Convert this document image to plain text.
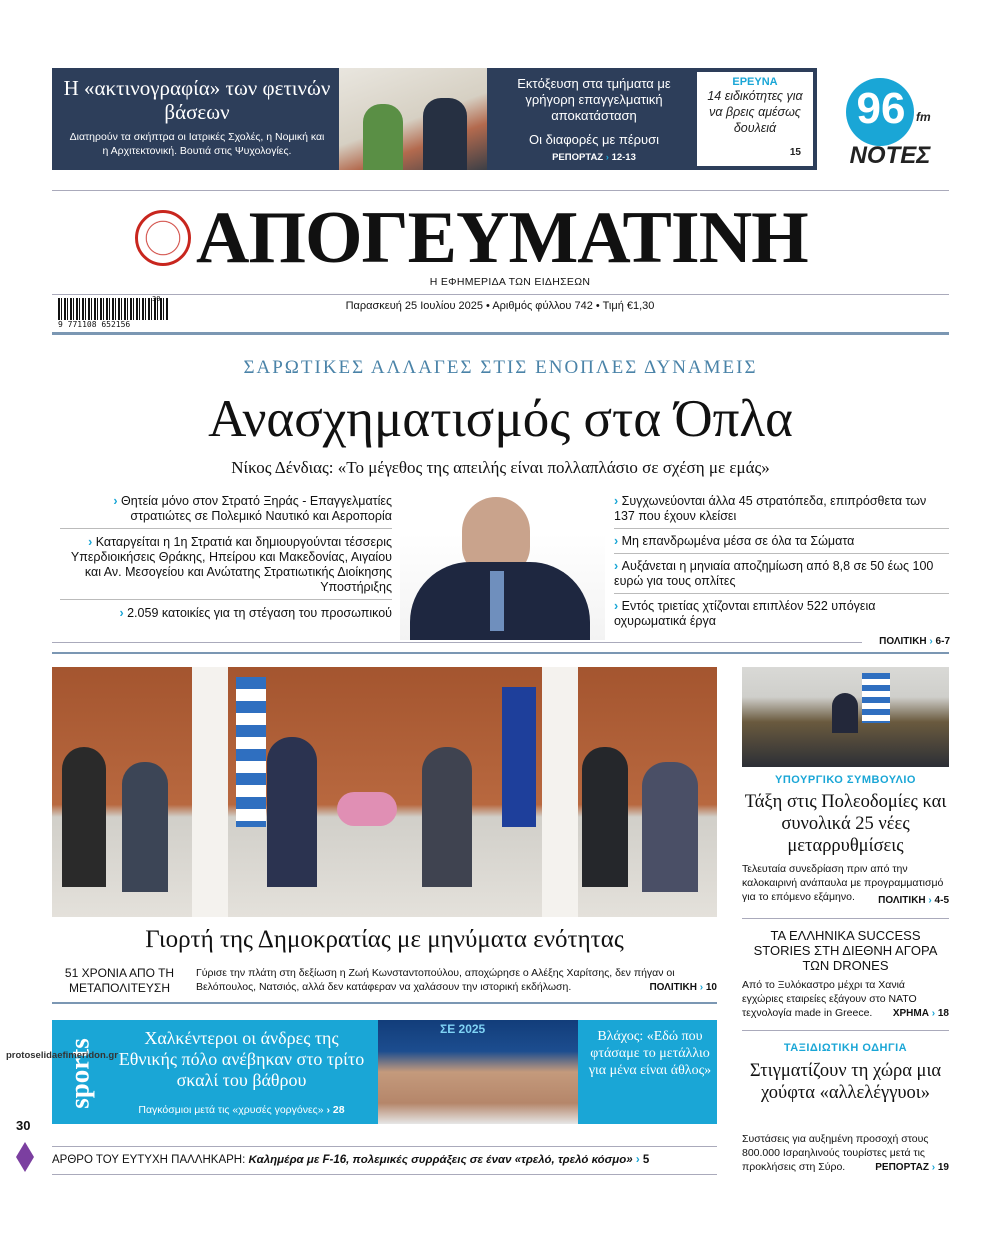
Η «ακτινογραφία» των φετινών βάσεων
Διατηρούν τα σκήπτρα οι Ιατρικές Σχολές, η Νομική και η Αρχιτεκτονική. Βουτιά στις Ψυχολογίες.
Εκτόξευση στα τμήματα με γρήγορη επαγγελματική αποκατάσταση
Οι διαφορές με πέρυσι
ΡΕΠΟΡΤΑΖ › 12-13
ΕΡΕΥΝΑ
14 ειδικότητες για να βρεις αμέσως δουλειά
15
96 fm
ΝΟΤΕΣ
ΑΠΟΓΕΥΜΑΤΙΝΗ
Η ΕΦΗΜΕΡΙΔΑ ΤΩΝ ΕΙΔΗΣΕΩΝ
9 771108 652156
30
Παρασκευή 25 Ιουλίου 2025 • Αριθμός φύλλου 742 • Τιμή €1,30
ΣΑΡΩΤΙΚΕΣ ΑΛΛΑΓΕΣ ΣΤΙΣ ΕΝΟΠΛΕΣ ΔΥΝΑΜΕΙΣ
Ανασχηματισμός στα Όπλα
Νίκος Δένδιας: «Το μέγεθος της απειλής είναι πολλαπλάσιο σε σχέση με εμάς»
› Θητεία μόνο στον Στρατό Ξηράς - Επαγγελματίες στρατιώτες σε Πολεμικό Ναυτικό και Αεροπορία
› Καταργείται η 1η Στρατιά και δημιουργούνται τέσσερις Υπερδιοικήσεις Θράκης, Ηπείρου και Μακεδονίας, Αιγαίου και Αν. Μεσογείου και Ανώτατης Στρατιωτικής Διοίκησης Υποστήριξης
› 2.059 κατοικίες για τη στέγαση του προσωπικού
› Συγχωνεύονται άλλα 45 στρατόπεδα, επιπρόσθετα των 137 που έχουν κλείσει
› Μη επανδρωμένα μέσα σε όλα τα Σώματα
› Αυξάνεται η μηνιαία αποζημίωση από 8,8 σε 50 έως 100 ευρώ για τους οπλίτες
› Εντός τριετίας χτίζονται επιπλέον 522 υπόγεια οχυρωματικά έργα
ΠΟΛΙΤΙΚΗ › 6-7
Γιορτή της Δημοκρατίας με μηνύματα ενότητας
51 ΧΡΟΝΙΑ ΑΠΟ ΤΗ ΜΕΤΑΠΟΛΙΤΕΥΣΗ
Γύρισε την πλάτη στη δεξίωση η Ζωή Κωνσταντοπούλου, αποχώρησε ο Αλέξης Χαρίτσης, δεν πήγαν οι Βελόπουλος, Νατσιός, αλλά δεν κατάφεραν να χαλάσουν την ιστορική εκδήλωση.	ΠΟΛΙΤΙΚΗ › 10
sports
Χαλκέντεροι οι άνδρες της Εθνικής πόλο ανέβηκαν στο τρίτο σκαλί του βάθρου
Παγκόσμιοι μετά τις «χρυσές γοργόνες» › 28
ΣΕ 2025	Βλάχος: «Εδώ που φτάσαμε το μετάλλιο για μένα είναι άθλος»
ΑΡΘΡΟ ΤΟΥ ΕΥΤΥΧΗ ΠΑΛΛΗΚΑΡΗ: Καλημέρα με F-16, πολεμικές συρράξεις σε έναν «τρελό, τρελό κόσμο» › 5
30
protoselidaefimeridon.gr
ΥΠΟΥΡΓΙΚΟ ΣΥΜΒΟΥΛΙΟ
Τάξη στις Πολεοδομίες και συνολικά 25 νέες μεταρρυθμίσεις
Τελευταία συνεδρίαση πριν από την καλοκαιρινή ανάπαυλα με προγραμματισμό για το επόμενο εξάμηνο.	ΠΟΛΙΤΙΚΗ › 4-5
ΤΑ ΕΛΛΗΝΙΚΑ SUCCESS STORIES ΣΤΗ ΔΙΕΘΝΗ ΑΓΟΡΑ ΤΩΝ DRONES
Από το Ξυλόκαστρο μέχρι τα Χανιά εγχώριες εταιρείες εξάγουν στο ΝΑΤΟ τεχνολογία made in Greece.	ΧΡΗΜΑ › 18
ΤΑΞΙΔΙΩΤΙΚΗ ΟΔΗΓΙΑ
Στιγματίζουν τη χώρα μια χούφτα «αλλελέγγυοι»
Συστάσεις για αυξημένη προσοχή στους 800.000 Ισραηλινούς τουρίστες μετά τις προκλήσεις στη Σύρο.	ΡΕΠΟΡΤΑΖ › 19
